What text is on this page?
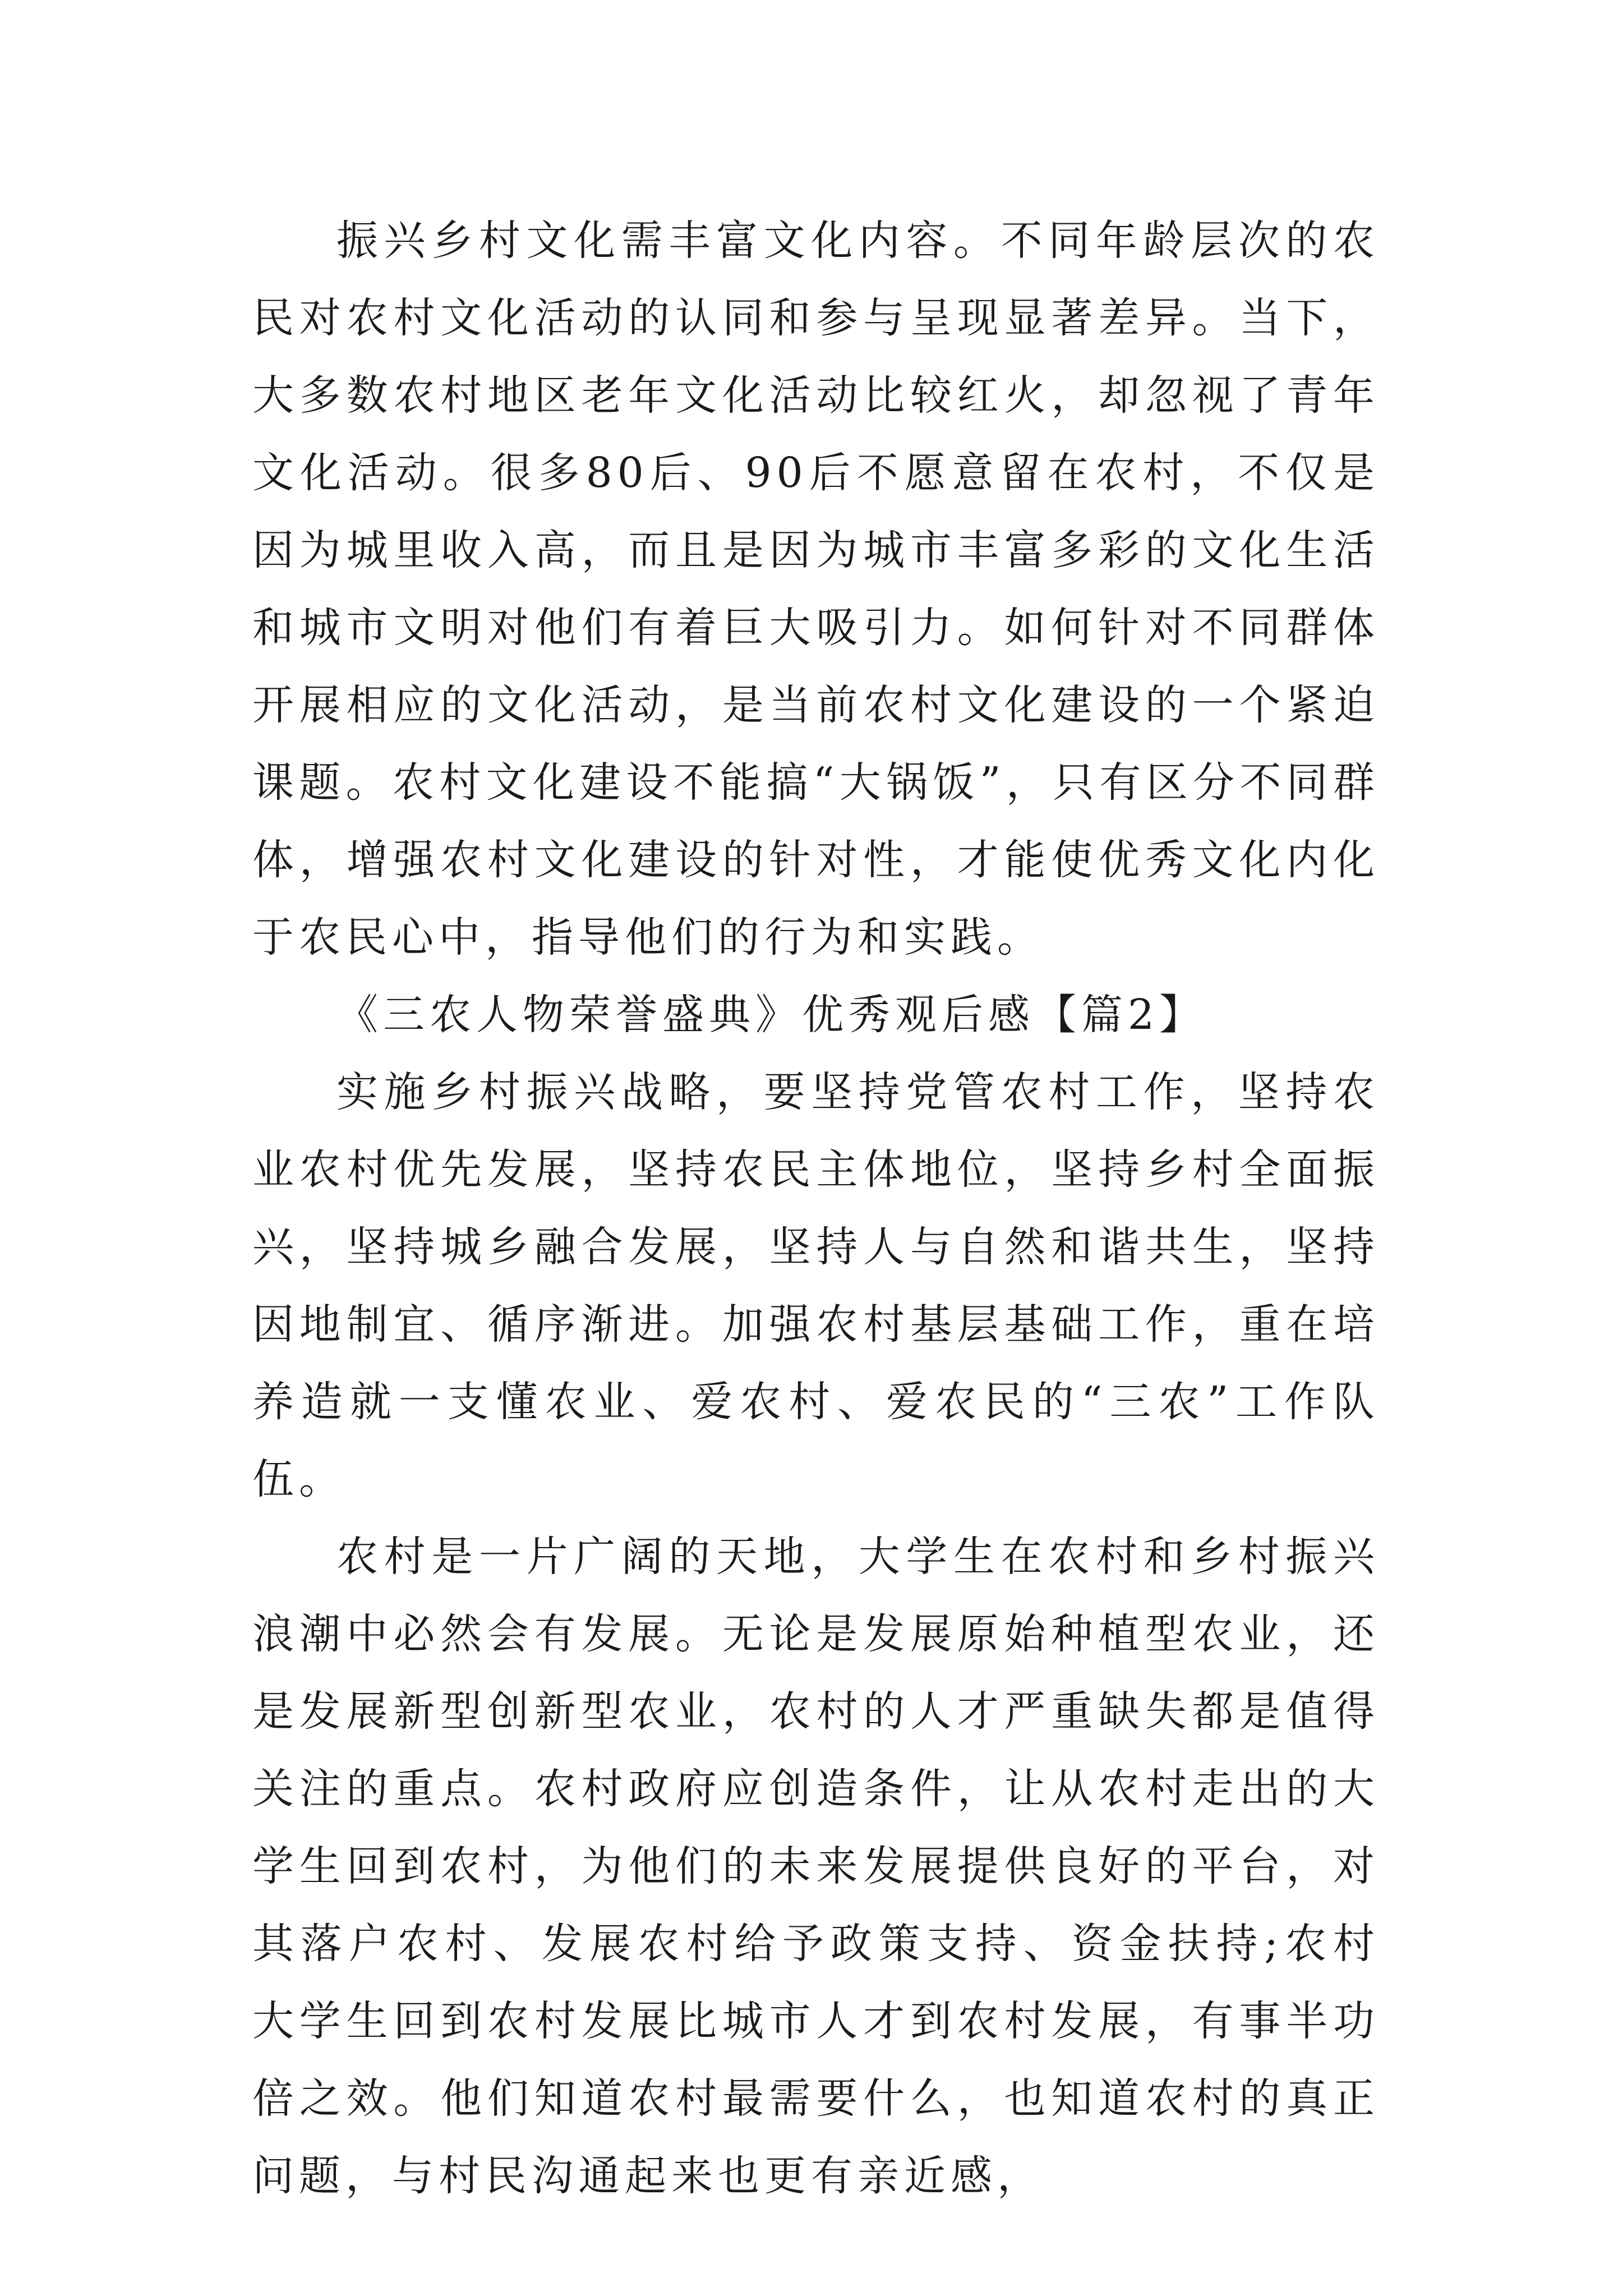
振兴乡村文化需丰富文化内容。不同年龄层次的农民对农村文化活动的认同和参与呈现显著差异。当下，大多数农村地区老年文化活动比较红火，却忽视了青年文化活动。很多80后、90后不愿意留在农村，不仅是因为城里收入高，而且是因为城市丰富多彩的文化生活和城市文明对他们有着巨大吸引力。如何针对不同群体开展相应的文化活动，是当前农村文化建设的一个紧迫课题。农村文化建设不能搞“大锅饭”，只有区分不同群体，增强农村文化建设的针对性，才能使优秀文化内化于农民心中，指导他们的行为和实践。

《三农人物荣誉盛典》优秀观后感【篇2】

实施乡村振兴战略，要坚持党管农村工作，坚持农业农村优先发展，坚持农民主体地位，坚持乡村全面振兴，坚持城乡融合发展，坚持人与自然和谐共生，坚持因地制宜、循序渐进。加强农村基层基础工作，重在培养造就一支懂农业、爱农村、爱农民的“三农”工作队伍。

农村是一片广阔的天地，大学生在农村和乡村振兴浪潮中必然会有发展。无论是发展原始种植型农业，还是发展新型创新型农业，农村的人才严重缺失都是值得关注的重点。农村政府应创造条件，让从农村走出的大学生回到农村，为他们的未来发展提供良好的平台，对其落户农村、发展农村给予政策支持、资金扶持;农村大学生回到农村发展比城市人才到农村发展，有事半功倍之效。他们知道农村最需要什么，也知道农村的真正问题，与村民沟通起来也更有亲近感，
